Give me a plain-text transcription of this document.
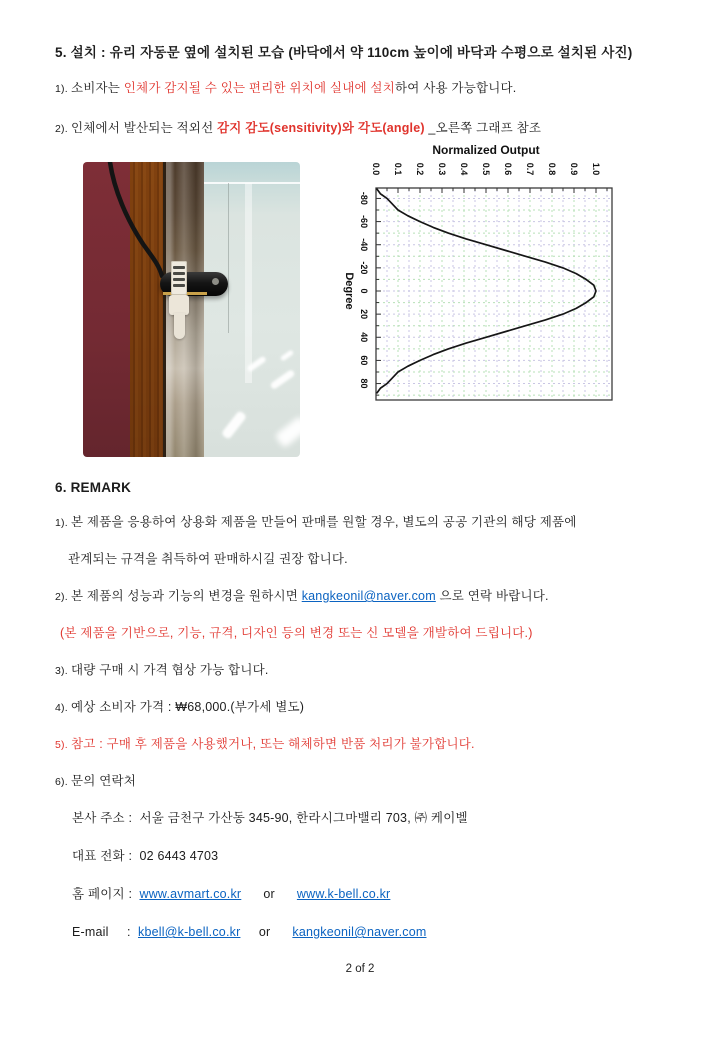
5. 설치 : 유리 자동문 옆에 설치된 모습 (바닥에서 약 110cm 높이에 바닥과 수평으로 설치된 사진)
1). 소비자는 인체가 감지될 수 있는 편리한 위치에 실내에 설치하여 사용 가능합니다.
2). 인체에서 발산되는 적외선 감지 감도(sensitivity)와 각도(angle) _오른쪽 그래프 참조
0.0 0.1 0.2 0.3 0.4 0.5 0.6 0.7 0.8 0.9 1.0
-80
-60
-40
-20
0
20
40
60
80
Normalized Output
Degree
6. REMARK
1). 본 제품을 응용하여 상용화 제품을 만들어 판매를 원할 경우, 별도의 공공 기관의 해당 제품에
관계되는 규격을 취득하여 판매하시길 권장 합니다.
2). 본 제품의 성능과 기능의 변경을 원하시면 kangkeonil@naver.com 으로 연락 바랍니다.
(본 제품을 기반으로, 기능, 규격, 디자인 등의 변경 또는 신 모델을 개발하여 드립니다.)
3). 대량 구매 시 가격 협상 가능 합니다.
4). 예상 소비자 가격 : ₩68,000.(부가세 별도)
5). 참고 : 구매 후 제품을 사용했거나, 또는 해체하면 반품 처리가 불가합니다.
6). 문의 연락처
본사 주소 :  서울 금천구 가산동 345-90, 한라시그마밸리 703, ㈜ 케이벨
대표 전화 :  02 6443 4703
홈 페이지 :  www.avmart.co.kr      or      www.k-bell.co.kr
E-mail     :  kbell@k-bell.co.kr     or      kangkeonil@naver.com
2 of 2
